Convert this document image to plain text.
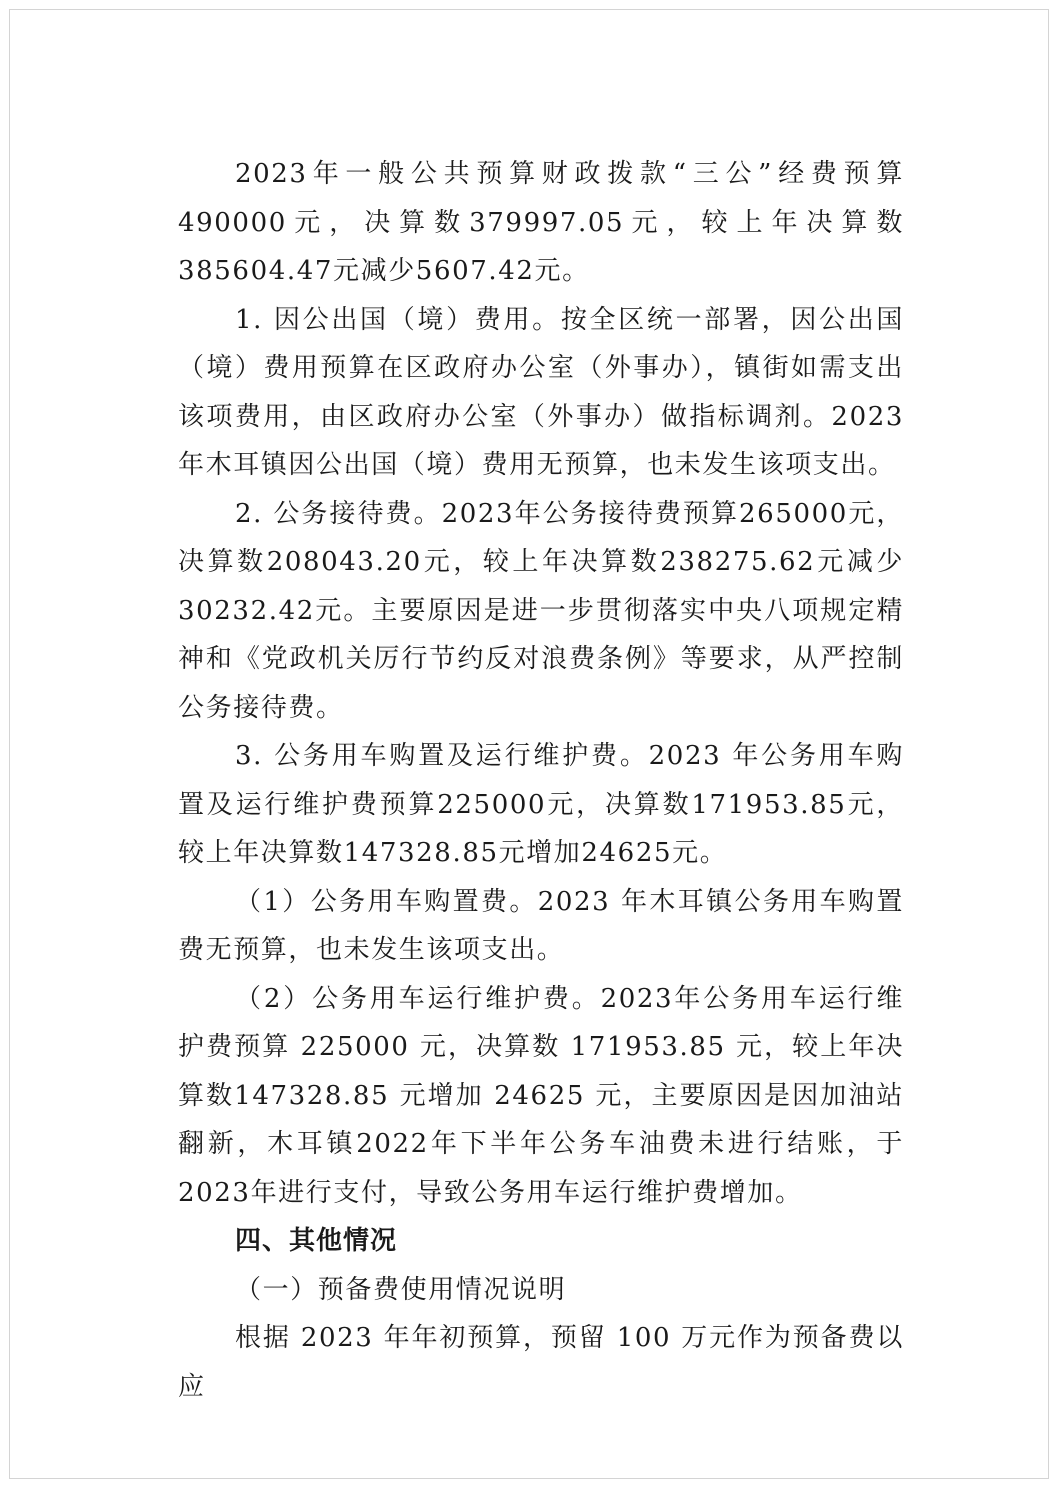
2023年一般公共预算财政拨款“三公”经费预算490000元，决算数379997.05元，较上年决算数385604.47元减少5607.42元。

1. 因公出国（境）费用。按全区统一部署，因公出国（境）费用预算在区政府办公室（外事办），镇街如需支出该项费用，由区政府办公室（外事办）做指标调剂。2023年木耳镇因公出国（境）费用无预算，也未发生该项支出。

2. 公务接待费。2023年公务接待费预算265000元，决算数208043.20元，较上年决算数238275.62元减少30232.42元。主要原因是进一步贯彻落实中央八项规定精神和《党政机关厉行节约反对浪费条例》等要求，从严控制公务接待费。

3. 公务用车购置及运行维护费。2023 年公务用车购置及运行维护费预算225000元，决算数171953.85元，较上年决算数147328.85元增加24625元。

（1）公务用车购置费。2023 年木耳镇公务用车购置费无预算，也未发生该项支出。

（2）公务用车运行维护费。2023年公务用车运行维护费预算 225000 元，决算数 171953.85 元，较上年决算数147328.85 元增加 24625 元，主要原因是因加油站翻新，木耳镇2022年下半年公务车油费未进行结账，于2023年进行支付，导致公务用车运行维护费增加。

四、其他情况

（一）预备费使用情况说明

根据 2023 年年初预算，预留 100 万元作为预备费以应
